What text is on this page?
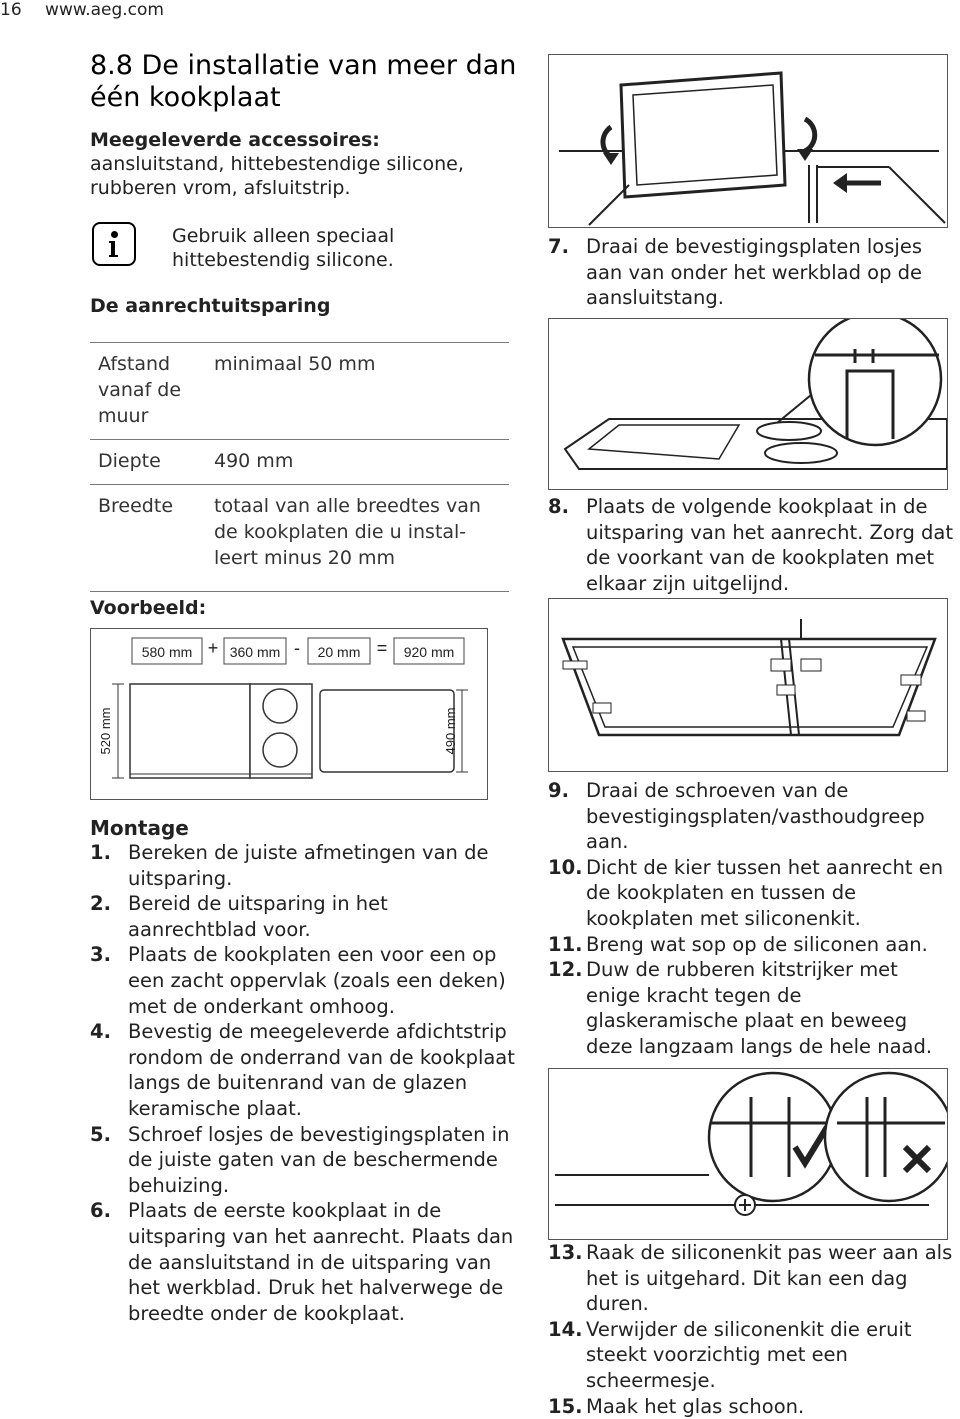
16 www.aeg.com
8.8 De installatie van meer dan één kookplaat
Meegeleverde accessoires:
aansluitstand, hittebestendige silicone, rubberen vrom, afsluitstrip.
Gebruik alleen speciaal hittebestendig silicone.
De aanrechtuitsparing
Afstand vanaf de muur	minimaal 50 mm
Diepte	490 mm
Breedte	totaal van alle breedtes van de kookplaten die u instal-leert minus 20 mm
Voorbeeld:
580 mm + 360 mm - 20 mm = 920 mm
520 mm	490 mm
Montage
1. Bereken de juiste afmetingen van de uitsparing.
2. Bereid de uitsparing in het aanrechtblad voor.
3. Plaats de kookplaten een voor een op een zacht oppervlak (zoals een deken) met de onderkant omhoog.
4. Bevestig de meegeleverde afdichtstrip rondom de onderrand van de kookplaat langs de buitenrand van de glazen keramische plaat.
5. Schroef losjes de bevestigingsplaten in de juiste gaten van de beschermende behuizing.
6. Plaats de eerste kookplaat in de uitsparing van het aanrecht. Plaats dan de aansluitstand in de uitsparing van het werkblad. Druk het halverwege de breedte onder de kookplaat.
7. Draai de bevestigingsplaten losjes aan van onder het werkblad op de aansluitstang.
8. Plaats de volgende kookplaat in de uitsparing van het aanrecht. Zorg dat de voorkant van de kookplaten met elkaar zijn uitgelijnd.
9. Draai de schroeven van de bevestigingsplaten/vasthoudgreep aan.
10. Dicht de kier tussen het aanrecht en de kookplaten en tussen de kookplaten met siliconenkit.
11. Breng wat sop op de siliconen aan.
12. Duw de rubberen kitstrijker met enige kracht tegen de glaskeramische plaat en beweeg deze langzaam langs de hele naad.
13. Raak de siliconenkit pas weer aan als het is uitgehard. Dit kan een dag duren.
14. Verwijder de siliconenkit die eruit steekt voorzichtig met een scheermesje.
15. Maak het glas schoon.
